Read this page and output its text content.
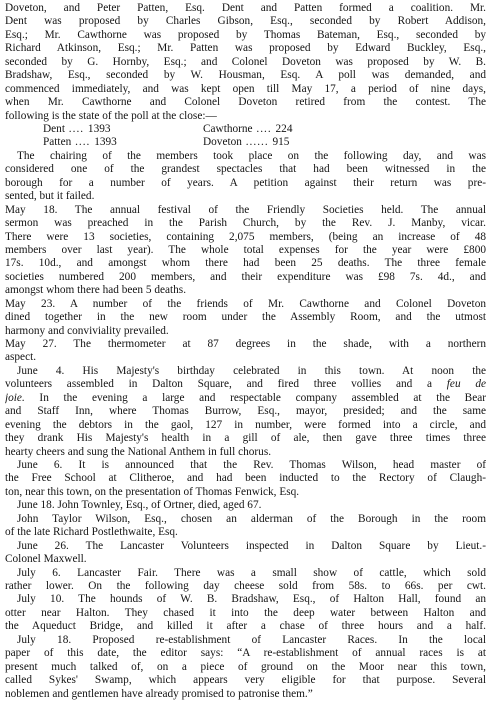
Doveton, and Peter Patten, Esq. Dent and Patten formed a coalition. Mr.
Dent was proposed by Charles Gibson, Esq., seconded by Robert Addison,
Esq.; Mr. Cawthorne was proposed by Thomas Bateman, Esq., seconded by
Richard Atkinson, Esq.; Mr. Patten was proposed by Edward Buckley, Esq.,
seconded by G. Hornby, Esq.; and Colonel Doveton was proposed by W. B.
Bradshaw, Esq., seconded by W. Housman, Esq. A poll was demanded, and
commenced immediately, and was kept open till May 17, a period of nine days,
when Mr. Cawthorne and Colonel Doveton retired from the contest. The
following is the state of the poll at the close:—
Dent .... 1393	Cawthorne .... 224
Patten .... 1393	Doveton ...... 915
The chairing of the members took place on the following day, and was
considered one of the grandest spectacles that had been witnessed in the
borough for a number of years. A petition against their return was pre-
sented, but it failed.
May 18. The annual festival of the Friendly Societies held. The annual
sermon was preached in the Parish Church, by the Rev. J. Manby, vicar.
There were 13 societies, containing 2,075 members, (being an increase of 48
members over last year). The whole total expenses for the year were £800
17s. 10d., and amongst whom there had been 25 deaths. The three female
societies numbered 200 members, and their expenditure was £98 7s. 4d., and
amongst whom there had been 5 deaths.
May 23. A number of the friends of Mr. Cawthorne and Colonel Doveton
dined together in the new room under the Assembly Room, and the utmost
harmony and conviviality prevailed.
May 27. The thermometer at 87 degrees in the shade, with a northern
aspect.
June 4. His Majesty's birthday celebrated in this town. At noon the
volunteers assembled in Dalton Square, and fired three vollies and a feu de
joie. In the evening a large and respectable company assembled at the Bear
and Staff Inn, where Thomas Burrow, Esq., mayor, presided; and the same
evening the debtors in the gaol, 127 in number, were formed into a circle, and
they drank His Majesty's health in a gill of ale, then gave three times three
hearty cheers and sung the National Anthem in full chorus.
June 6. It is announced that the Rev. Thomas Wilson, head master of
the Free School at Clitheroe, and had been inducted to the Rectory of Claugh-
ton, near this town, on the presentation of Thomas Fenwick, Esq.
June 18. John Townley, Esq., of Ortner, died, aged 67.
John Taylor Wilson, Esq., chosen an alderman of the Borough in the room
of the late Richard Postlethwaite, Esq.
June 26. The Lancaster Volunteers inspected in Dalton Square by Lieut.-
Colonel Maxwell.
July 6. Lancaster Fair. There was a small show of cattle, which sold
rather lower. On the following day cheese sold from 58s. to 66s. per cwt.
July 10. The hounds of W. B. Bradshaw, Esq., of Halton Hall, found an
otter near Halton. They chased it into the deep water between Halton and
the Aqueduct Bridge, and killed it after a chase of three hours and a half.
July 18. Proposed re-establishment of Lancaster Races. In the local
paper of this date, the editor says: “A re-establishment of annual races is at
present much talked of, on a piece of ground on the Moor near this town,
called Sykes' Swamp, which appears very eligible for that purpose. Several
noblemen and gentlemen have already promised to patronise them.”
